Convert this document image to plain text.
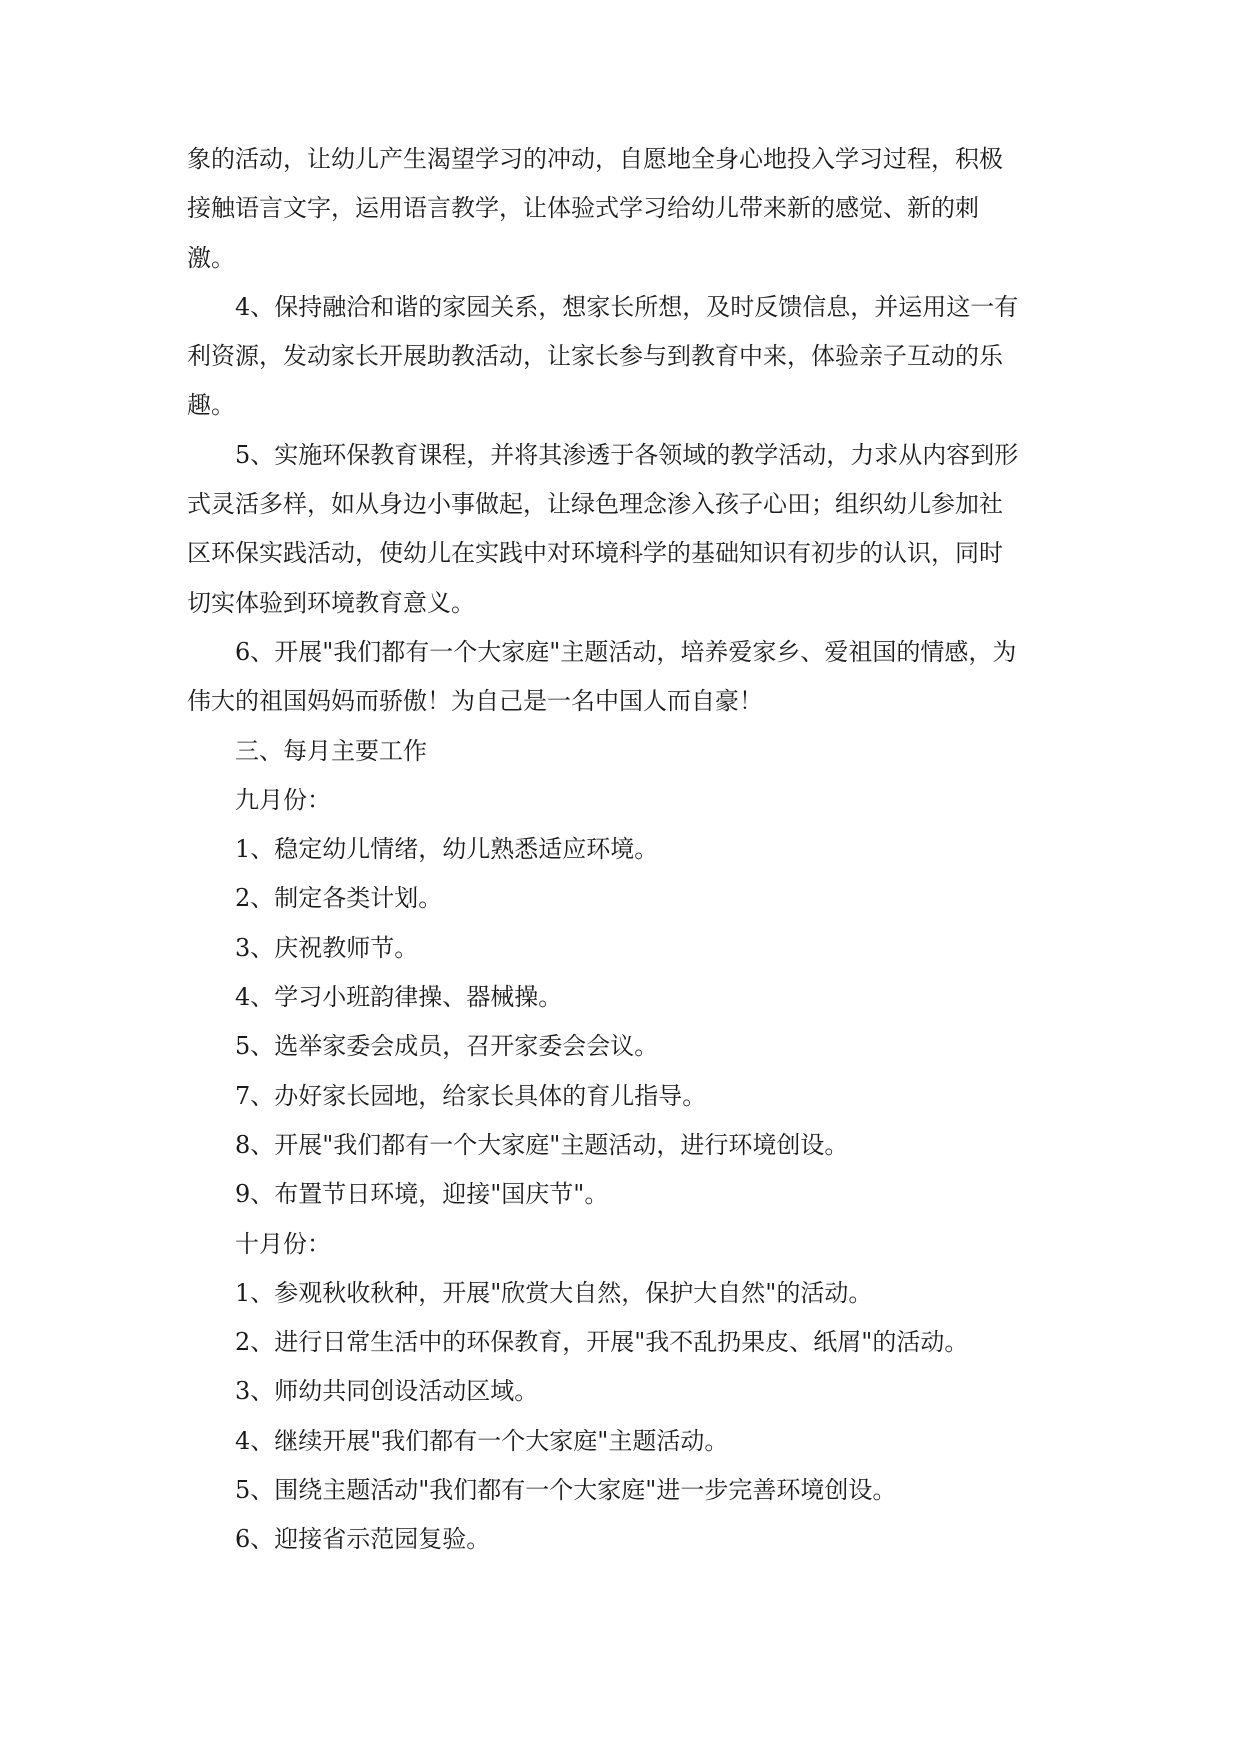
象的活动，让幼儿产生渴望学习的冲动，自愿地全身心地投入学习过程，积极

接触语言文字，运用语言教学，让体验式学习给幼儿带来新的感觉、新的刺

激。

4、保持融洽和谐的家园关系，想家长所想，及时反馈信息，并运用这一有

利资源，发动家长开展助教活动，让家长参与到教育中来，体验亲子互动的乐

趣。

5、实施环保教育课程，并将其渗透于各领域的教学活动，力求从内容到形

式灵活多样，如从身边小事做起，让绿色理念渗入孩子心田；组织幼儿参加社

区环保实践活动，使幼儿在实践中对环境科学的基础知识有初步的认识，同时

切实体验到环境教育意义。

6、开展"我们都有一个大家庭"主题活动，培养爱家乡、爱祖国的情感，为

伟大的祖国妈妈而骄傲！为自己是一名中国人而自豪！

三、每月主要工作

九月份：

1、稳定幼儿情绪，幼儿熟悉适应环境。

2、制定各类计划。

3、庆祝教师节。

4、学习小班韵律操、器械操。

5、选举家委会成员，召开家委会会议。

7、办好家长园地，给家长具体的育儿指导。

8、开展"我们都有一个大家庭"主题活动，进行环境创设。

9、布置节日环境，迎接"国庆节"。

十月份：

1、参观秋收秋种，开展"欣赏大自然，保护大自然"的活动。

2、进行日常生活中的环保教育，开展"我不乱扔果皮、纸屑"的活动。

3、师幼共同创设活动区域。

4、继续开展"我们都有一个大家庭"主题活动。

5、围绕主题活动"我们都有一个大家庭"进一步完善环境创设。

6、迎接省示范园复验。
